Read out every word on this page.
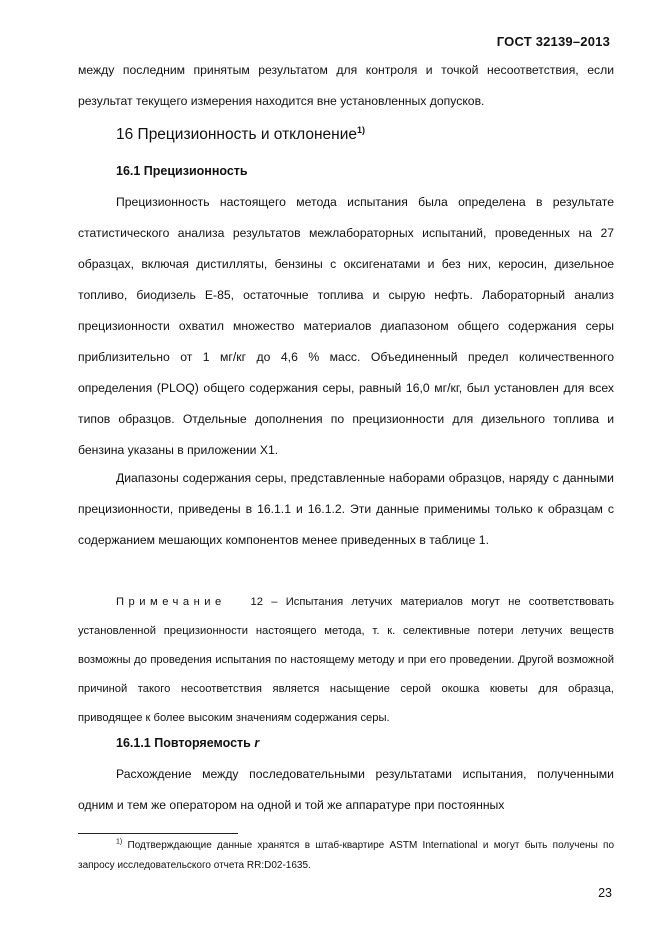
ГОСТ 32139–2013
между последним принятым результатом для контроля и точкой несоответствия, если результат текущего измерения находится вне установленных допусков.
16 Прецизионность и отклонение$^{1)}$
16.1 Прецизионность
Прецизионность настоящего метода испытания была определена в результате статистического анализа результатов межлабораторных испытаний, проведенных на 27 образцах, включая дистилляты, бензины с оксигенатами и без них, керосин, дизельное топливо, биодизель Е-85, остаточные топлива и сырую нефть. Лабораторный анализ прецизионности охватил множество материалов диапазоном общего содержания серы приблизительно от 1 мг/кг до 4,6 % масс. Объединенный предел количественного определения (PLOQ) общего содержания серы, равный 16,0 мг/кг, был установлен для всех типов образцов. Отдельные дополнения по прецизионности для дизельного топлива и бензина указаны в приложении Х1.
Диапазоны содержания серы, представленные наборами образцов, наряду с данными прецизионности, приведены в 16.1.1 и 16.1.2. Эти данные применимы только к образцам с содержанием мешающих компонентов менее приведенных в таблице 1.
Примечание 12 – Испытания летучих материалов могут не соответствовать установленной прецизионности настоящего метода, т. к. селективные потери летучих веществ возможны до проведения испытания по настоящему методу и при его проведении. Другой возможной причиной такого несоответствия является насыщение серой окошка кюветы для образца, приводящее к более высоким значениям содержания серы.
16.1.1 Повторяемость r
Расхождение между последовательными результатами испытания, полученными одним и тем же оператором на одной и той же аппаратуре при постоянных
$^{1)}$ Подтверждающие данные хранятся в штаб-квартире ASTM International и могут быть получены по запросу исследовательского отчета RR:D02-1635.
23
